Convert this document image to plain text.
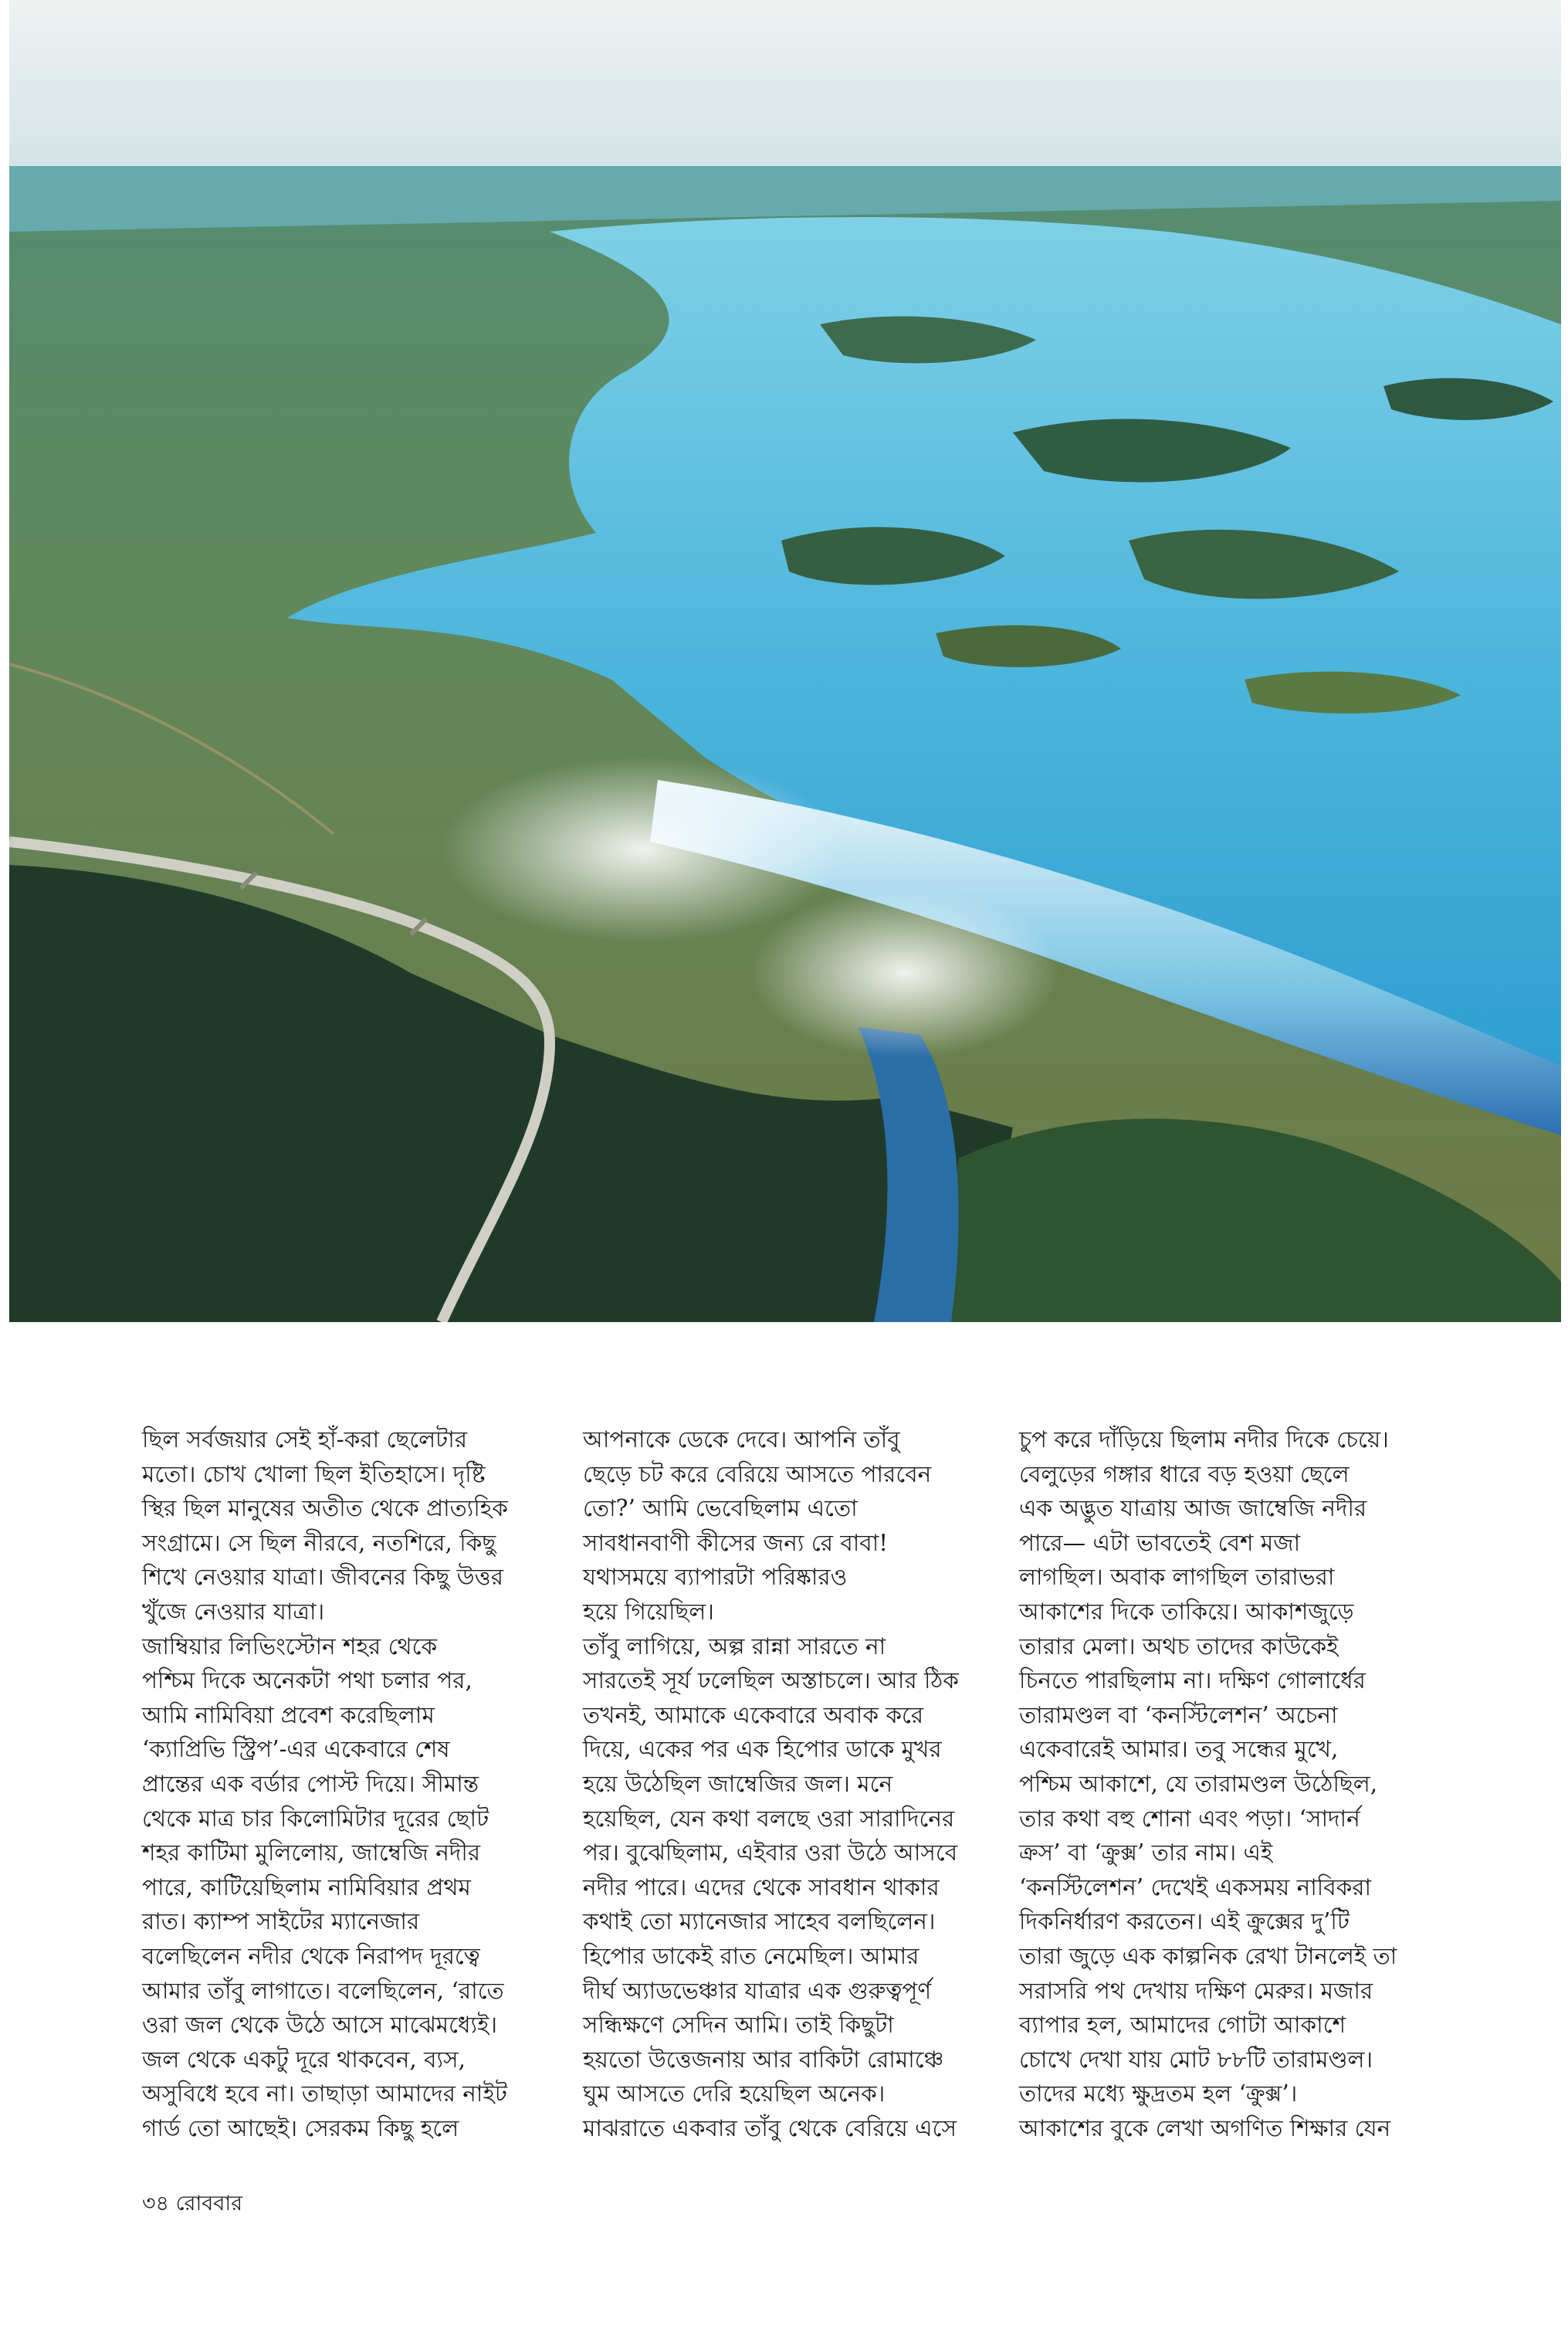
ছিল সর্বজয়ার সেই হাঁ-করা ছেলেটার

মতো। চোখ খোলা ছিল ইতিহাসে। দৃষ্টি

স্থির ছিল মানুষের অতীত থেকে প্রাত্যহিক

সংগ্রামে। সে ছিল নীরবে, নতশিরে, কিছু

শিখে নেওয়ার যাত্রা। জীবনের কিছু উত্তর

খুঁজে নেওয়ার যাত্রা।

জাম্বিয়ার লিভিংস্টোন শহর থেকে

পশ্চিম দিকে অনেকটা পথা চলার পর,

আমি নামিবিয়া প্রবেশ করেছিলাম

‘ক্যাপ্রিভি স্ট্রিপ’-এর একেবারে শেষ

প্রান্তের এক বর্ডার পোস্ট দিয়ে। সীমান্ত

থেকে মাত্র চার কিলোমিটার দূরের ছোট

শহর কাটিমা মুলিলোয়, জাম্বেজি নদীর

পারে, কাটিয়েছিলাম নামিবিয়ার প্রথম

রাত। ক্যাম্প সাইটের ম্যানেজার

বলেছিলেন নদীর থেকে নিরাপদ দূরত্বে

আমার তাঁবু লাগাতে। বলেছিলেন, ‘রাতে

ওরা জল থেকে উঠে আসে মাঝেমধ্যেই।

জল থেকে একটু দূরে থাকবেন, ব্যস,

অসুবিধে হবে না। তাছাড়া আমাদের নাইট

গার্ড তো আছেই। সেরকম কিছু হলে

আপনাকে ডেকে দেবে। আপনি তাঁবু

ছেড়ে চট করে বেরিয়ে আসতে পারবেন

তো?’ আমি ভেবেছিলাম এতো

সাবধানবাণী কীসের জন্য রে বাবা!

যথাসময়ে ব্যাপারটা পরিষ্কারও

হয়ে গিয়েছিল।

তাঁবু লাগিয়ে, অল্প রান্না সারতে না

সারতেই সূর্য ঢলেছিল অস্তাচলে। আর ঠিক

তখনই, আমাকে একেবারে অবাক করে

দিয়ে, একের পর এক হিপোর ডাকে মুখর

হয়ে উঠেছিল জাম্বেজির জল। মনে

হয়েছিল, যেন কথা বলছে ওরা সারাদিনের

পর। বুঝেছিলাম, এইবার ওরা উঠে আসবে

নদীর পারে। এদের থেকে সাবধান থাকার

কথাই তো ম্যানেজার সাহেব বলছিলেন।

হিপোর ডাকেই রাত নেমেছিল। আমার

দীর্ঘ অ্যাডভেঞ্চার যাত্রার এক গুরুত্বপূর্ণ

সন্ধিক্ষণে সেদিন আমি। তাই কিছুটা

হয়তো উত্তেজনায় আর বাকিটা রোমাঞ্চে

ঘুম আসতে দেরি হয়েছিল অনেক।

মাঝরাতে একবার তাঁবু থেকে বেরিয়ে এসে

চুপ করে দাঁড়িয়ে ছিলাম নদীর দিকে চেয়ে।

বেলুড়ের গঙ্গার ধারে বড় হওয়া ছেলে

এক অদ্ভুত যাত্রায় আজ জাম্বেজি নদীর

পারে— এটা ভাবতেই বেশ মজা

লাগছিল। অবাক লাগছিল তারাভরা

আকাশের দিকে তাকিয়ে। আকাশজুড়ে

তারার মেলা। অথচ তাদের কাউকেই

চিনতে পারছিলাম না। দক্ষিণ গোলার্ধের

তারামণ্ডল বা ‘কনস্টিলেশন’ অচেনা

একেবারেই আমার। তবু সন্ধের মুখে,

পশ্চিম আকাশে, যে তারামণ্ডল উঠেছিল,

তার কথা বহু শোনা এবং পড়া। ‘সাদার্ন

ক্রস’ বা ‘ক্রুক্স’ তার নাম। এই

‘কনস্টিলেশন’ দেখেই একসময় নাবিকরা

দিকনির্ধারণ করতেন। এই ক্রুক্সের দু’টি

তারা জুড়ে এক কাল্পনিক রেখা টানলেই তা

সরাসরি পথ দেখায় দক্ষিণ মেরুর। মজার

ব্যাপার হল, আমাদের গোটা আকাশে

চোখে দেখা যায় মোট ৮৮টি তারামণ্ডল।

তাদের মধ্যে ক্ষুদ্রতম হল ‘ক্রুক্স’।

আকাশের বুকে লেখা অগণিত শিক্ষার যেন

৩৪ রোববার
